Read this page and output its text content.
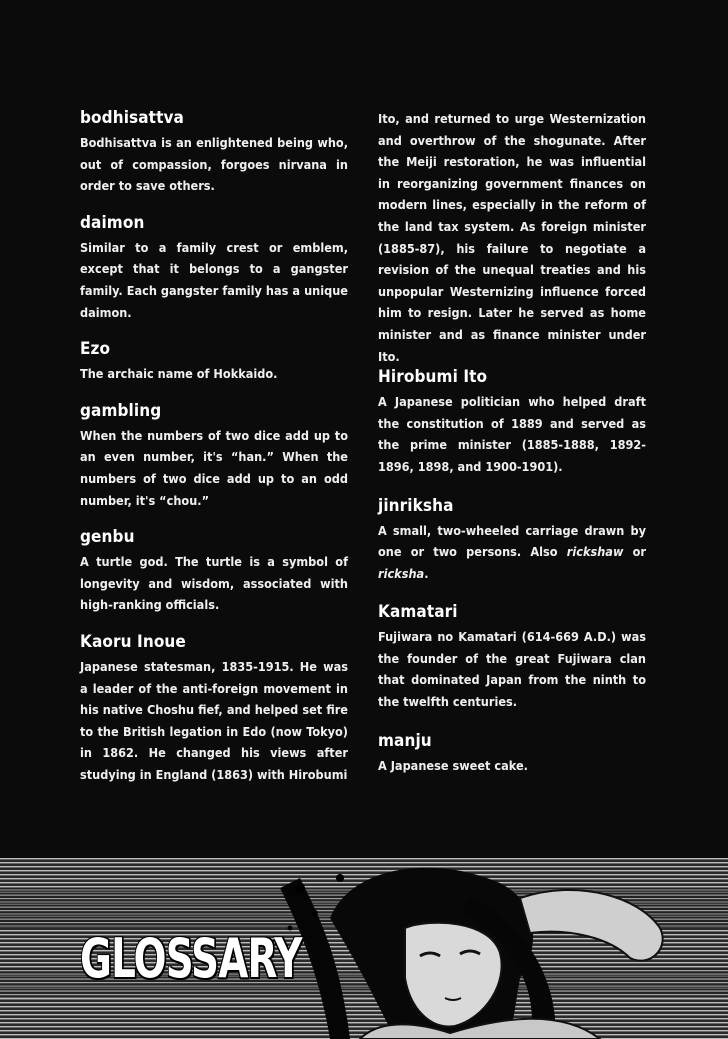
bodhisattva

Bodhisattva is an enlightened being who, out of compassion, forgoes nirvana in order to save others.

daimon

Similar to a family crest or emblem, except that it belongs to a gangster family. Each gangster family has a unique daimon.

Ezo

The archaic name of Hokkaido.

gambling

When the numbers of two dice add up to an even number, it's “han.” When the numbers of two dice add up to an odd number, it's “chou.”

genbu

A turtle god. The turtle is a symbol of longevity and wisdom, associated with high-ranking officials.

Kaoru Inoue

Japanese statesman, 1835-1915. He was a leader of the anti-foreign movement in his native Choshu fief, and helped set fire to the British legation in Edo (now Tokyo) in 1862. He changed his views after studying in England (1863) with Hirobumi

Ito, and returned to urge Westernization and overthrow of the shogunate. After the Meiji restoration, he was influential in reorganizing government finances on modern lines, especially in the reform of the land tax system. As foreign minister (1885-87), his failure to negotiate a revision of the unequal treaties and his unpopular Westernizing influence forced him to resign. Later he served as home minister and as finance minister under Ito.

Hirobumi Ito

A Japanese politician who helped draft the constitution of 1889 and served as the prime minister (1885-1888, 1892-1896, 1898, and 1900-1901).

jinriksha

A small, two-wheeled carriage drawn by one or two persons. Also rickshaw or ricksha.

Kamatari

Fujiwara no Kamatari (614-669 A.D.) was the founder of the great Fujiwara clan that dominated Japan from the ninth to the twelfth centuries.

manju

A Japanese sweet cake.

GLOSSARY
